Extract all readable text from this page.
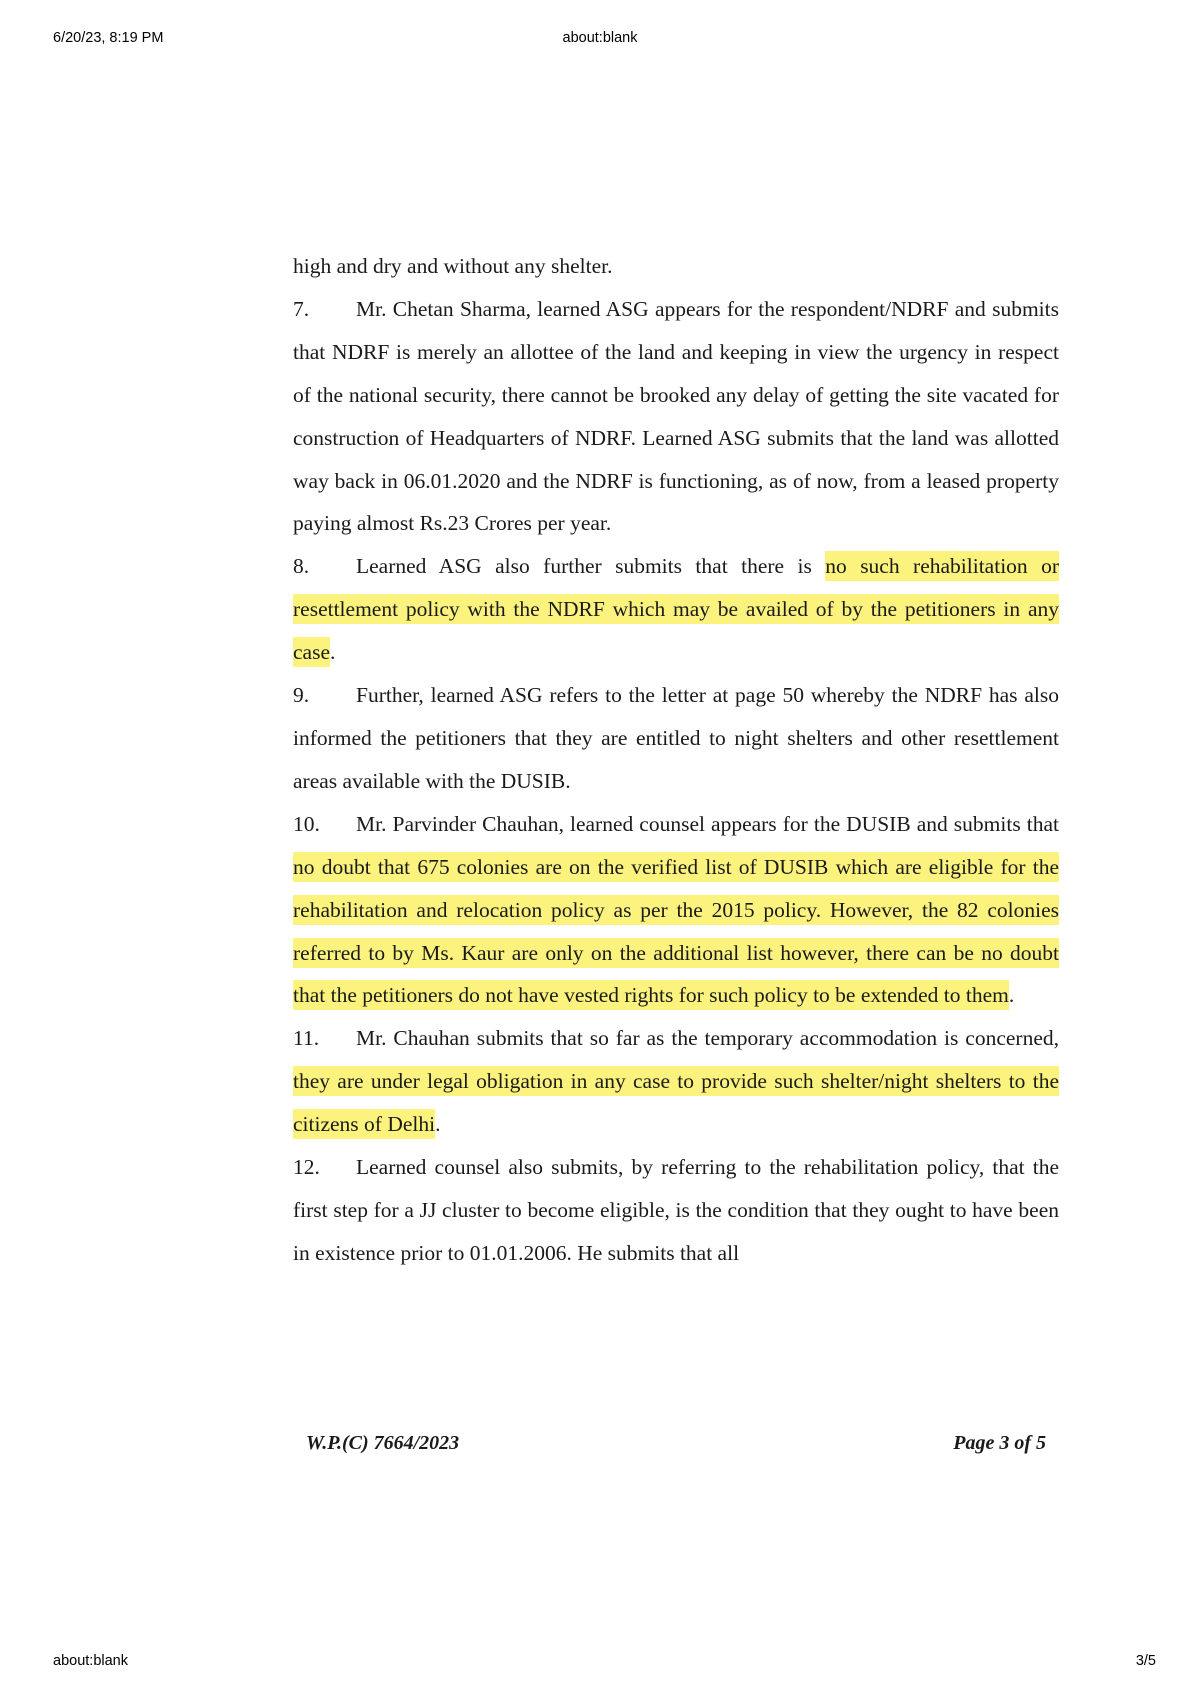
6/20/23, 8:19 PM	about:blank

high and dry and without any shelter.

7. Mr. Chetan Sharma, learned ASG appears for the respondent/NDRF and submits that NDRF is merely an allottee of the land and keeping in view the urgency in respect of the national security, there cannot be brooked any delay of getting the site vacated for construction of Headquarters of NDRF. Learned ASG submits that the land was allotted way back in 06.01.2020 and the NDRF is functioning, as of now, from a leased property paying almost Rs.23 Crores per year.

8. Learned ASG also further submits that there is no such rehabilitation or resettlement policy with the NDRF which may be availed of by the petitioners in any case.

9. Further, learned ASG refers to the letter at page 50 whereby the NDRF has also informed the petitioners that they are entitled to night shelters and other resettlement areas available with the DUSIB.

10. Mr. Parvinder Chauhan, learned counsel appears for the DUSIB and submits that no doubt that 675 colonies are on the verified list of DUSIB which are eligible for the rehabilitation and relocation policy as per the 2015 policy. However, the 82 colonies referred to by Ms. Kaur are only on the additional list however, there can be no doubt that the petitioners do not have vested rights for such policy to be extended to them.

11. Mr. Chauhan submits that so far as the temporary accommodation is concerned, they are under legal obligation in any case to provide such shelter/night shelters to the citizens of Delhi.

12. Learned counsel also submits, by referring to the rehabilitation policy, that the first step for a JJ cluster to become eligible, is the condition that they ought to have been in existence prior to 01.01.2006. He submits that all

W.P.(C) 7664/2023	Page 3 of 5
about:blank	3/5
